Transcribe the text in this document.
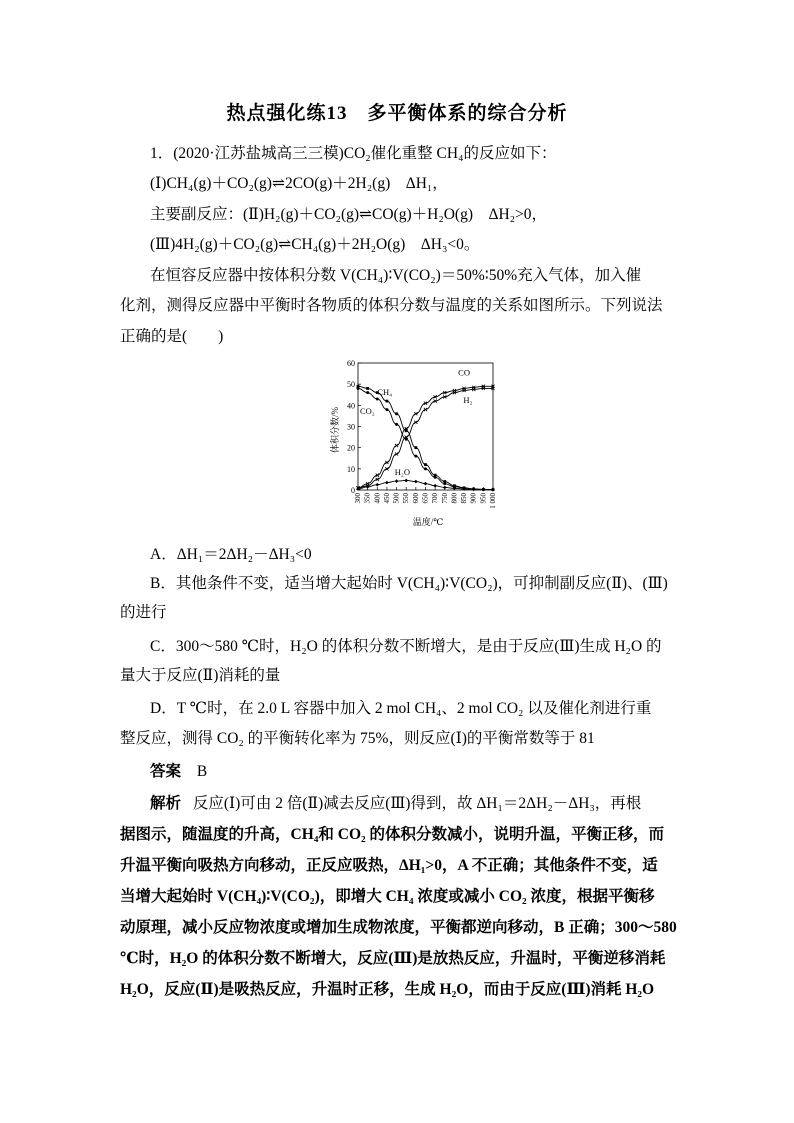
热点强化练13　多平衡体系的综合分析
1．(2020·江苏盐城高三三模)CO₂催化重整 CH₄的反应如下：
(Ⅰ)CH₄(g)＋CO₂(g)⇌2CO(g)＋2H₂(g)　ΔH₁，
主要副反应：(Ⅱ)H₂(g)＋CO₂(g)⇌CO(g)＋H₂O(g)　ΔH₂>0，
(Ⅲ)4H₂(g)＋CO₂(g)⇌CH₄(g)＋2H₂O(g)　ΔH₃<0。
在恒容反应器中按体积分数 V(CH₄)∶V(CO₂)＝50%∶50%充入气体，加入催
化剂，测得反应器中平衡时各物质的体积分数与温度的关系如图所示。下列说法
正确的是(　　)
0
10
20
30
40
50
60
300 350 400 450 500 550 600 650 700 750 800 850 900 950 1 000
CH₄
CO₂
CO
H₂
H₂O
体积分数/%
温度/℃
A．ΔH₁＝2ΔH₂－ΔH₃<0
B．其他条件不变，适当增大起始时 V(CH₄)∶V(CO₂)，可抑制副反应(Ⅱ)、(Ⅲ)
的进行
C．300～580 ℃时，H₂O 的体积分数不断增大，是由于反应(Ⅲ)生成 H₂O 的
量大于反应(Ⅱ)消耗的量
D．T ℃时，在 2.0 L 容器中加入 2 mol CH₄、2 mol CO₂ 以及催化剂进行重
整反应，测得 CO₂ 的平衡转化率为 75%，则反应(Ⅰ)的平衡常数等于 81
答案 B
解析 反应(Ⅰ)可由 2 倍(Ⅱ)减去反应(Ⅲ)得到，故 ΔH₁＝2ΔH₂－ΔH₃，再根
据图示，随温度的升高，CH₄和 CO₂ 的体积分数减小，说明升温，平衡正移，而
升温平衡向吸热方向移动，正反应吸热，ΔH₁>0，A 不正确；其他条件不变，适
当增大起始时 V(CH₄)∶V(CO₂)，即增大 CH₄ 浓度或减小 CO₂ 浓度，根据平衡移
动原理，减小反应物浓度或增加生成物浓度，平衡都逆向移动，B 正确；300～580
℃时，H₂O 的体积分数不断增大，反应(Ⅲ)是放热反应，升温时，平衡逆移消耗
H₂O，反应(Ⅱ)是吸热反应，升温时正移，生成 H₂O，而由于反应(Ⅲ)消耗 H₂O
